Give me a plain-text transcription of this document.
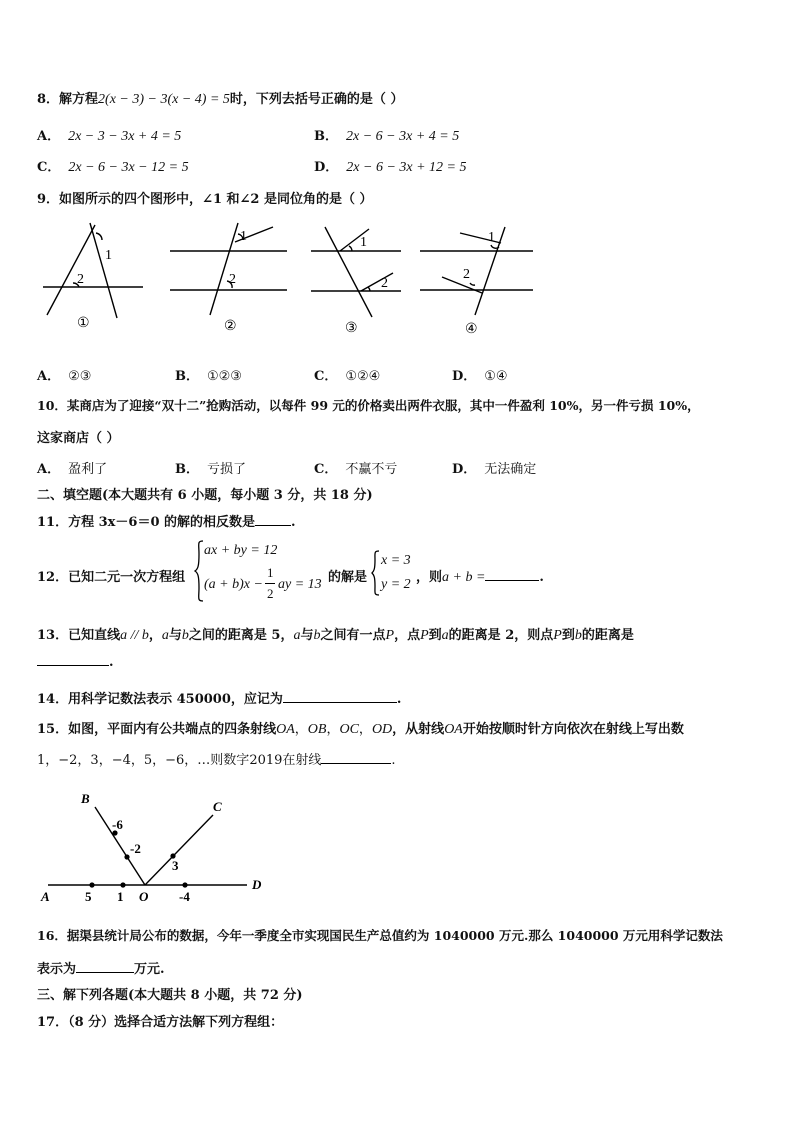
8．解方程2(x − 3) − 3(x − 4) = 5时，下列去括号正确的是（ ）
A． 2x − 3 − 3x + 4 = 5	B． 2x − 6 − 3x + 4 = 5
C． 2x − 6 − 3x − 12 = 5	D． 2x − 6 − 3x + 12 = 5
9．如图所示的四个图形中，∠1 和∠2 是同位角的是（ ）
1
2
①
1
2
②
1
2
③
1
2
④
A． ②③	B． ①②③	C． ①②④	D． ①④
10．某商店为了迎接“双十二”抢购活动，以每件 99 元的价格卖出两件衣服，其中一件盈利 10%，另一件亏损 10%，
这家商店（ ）
A． 盈利了	B． 亏损了	C． 不赢不亏	D． 无法确定
二、填空题(本大题共有 6 小题，每小题 3 分，共 18 分)
11．方程 3x－6＝0 的解的相反数是	.
12．已知二元一次方程组
ax + by = 12
(a + b)x −
1
2
ay = 13 的解是
x = 3
y = 2 ，则a + b =	.
13．已知直线a // b，a与b之间的距离是 5，a与b之间有一点P，点P到a的距离是 2，则点P到b的距离是
.
14．用科学记数法表示 450000，应记为	.
15．如图，平面内有公共端点的四条射线OA，OB，OC，OD，从射线OA开始按顺时针方向依次在射线上写出数
1，−2，3，−4，5，−6，…则数字2019在射线	.
B
C
A
D
O
-6
-2
3
5 1	-4
16．据渠县统计局公布的数据，今年一季度全市实现国民生产总值约为 1040000 万元.那么 1040000 万元用科学记数法
表示为	万元.
三、解下列各题(本大题共 8 小题，共 72 分)
17．（8 分）选择合适方法解下列方程组：
